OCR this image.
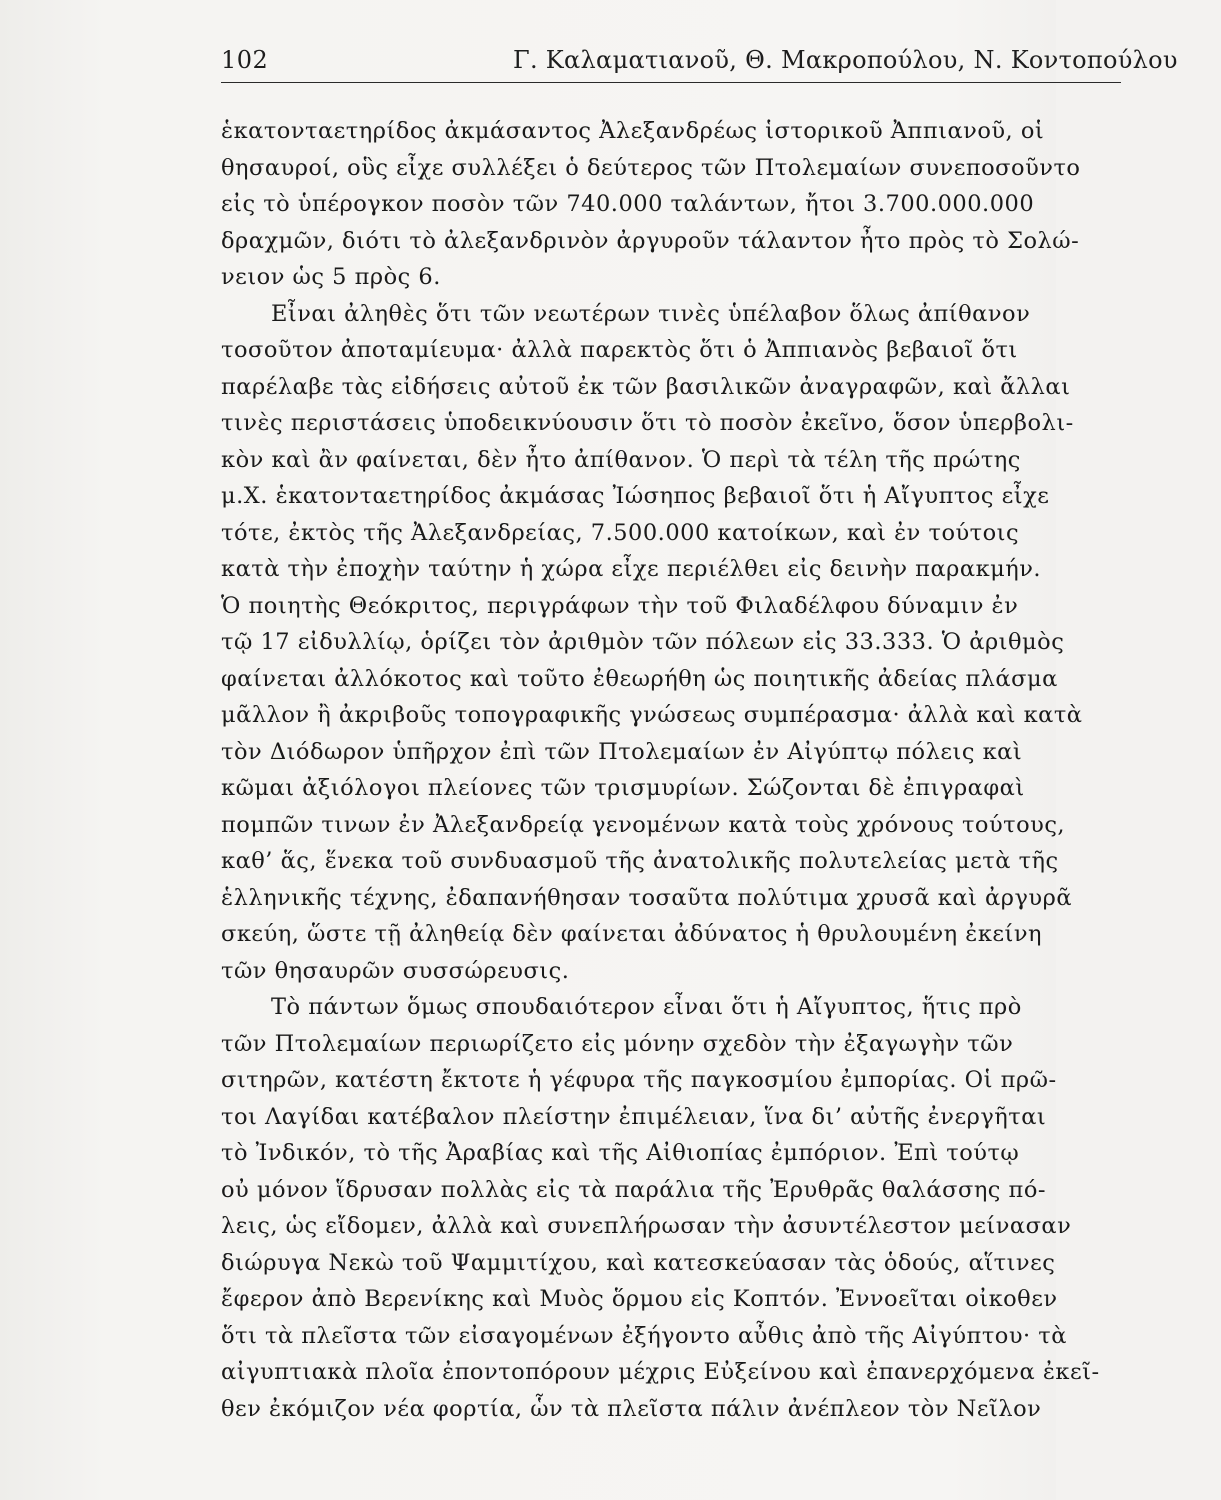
102	Γ. Καλαματιανοῦ, Θ. Μακροπούλου, Ν. Κοντοπούλου
ἑκατονταετηρίδος ἀκμάσαντος Ἀλεξανδρέως ἱστορικοῦ Ἀππιανοῦ, οἱ
θησαυροί, οὓς εἶχε συλλέξει ὁ δεύτερος τῶν Πτολεμαίων συνεποσοῦντο
εἰς τὸ ὑπέρογκον ποσὸν τῶν 740.000 ταλάντων, ἤτοι 3.700.000.000
δραχμῶν, διότι τὸ ἀλεξανδρινὸν ἀργυροῦν τάλαντον ἦτο πρὸς τὸ Σολώ-
νειον ὡς 5 πρὸς 6.
Εἶναι ἀληθὲς ὅτι τῶν νεωτέρων τινὲς ὑπέλαβον ὅλως ἀπίθανον
τοσοῦτον ἀποταμίευμα· ἀλλὰ παρεκτὸς ὅτι ὁ Ἀππιανὸς βεβαιοῖ ὅτι
παρέλαβε τὰς εἰδήσεις αὐτοῦ ἐκ τῶν βασιλικῶν ἀναγραφῶν, καὶ ἄλλαι
τινὲς περιστάσεις ὑποδεικνύουσιν ὅτι τὸ ποσὸν ἐκεῖνο, ὅσον ὑπερβολι-
κὸν καὶ ἂν φαίνεται, δὲν ἦτο ἀπίθανον. Ὁ περὶ τὰ τέλη τῆς πρώτης
μ.Χ. ἑκατονταετηρίδος ἀκμάσας Ἰώσηπος βεβαιοῖ ὅτι ἡ Αἴγυπτος εἶχε
τότε, ἐκτὸς τῆς Ἀλεξανδρείας, 7.500.000 κατοίκων, καὶ ἐν τούτοις
κατὰ τὴν ἐποχὴν ταύτην ἡ χώρα εἶχε περιέλθει εἰς δεινὴν παρακμήν.
Ὁ ποιητὴς Θεόκριτος, περιγράφων τὴν τοῦ Φιλαδέλφου δύναμιν ἐν
τῷ 17 εἰδυλλίῳ, ὁρίζει τὸν ἀριθμὸν τῶν πόλεων εἰς 33.333. Ὁ ἀριθμὸς
φαίνεται ἀλλόκοτος καὶ τοῦτο ἐθεωρήθη ὡς ποιητικῆς ἀδείας πλάσμα
μᾶλλον ἢ ἀκριβοῦς τοπογραφικῆς γνώσεως συμπέρασμα· ἀλλὰ καὶ κατὰ
τὸν Διόδωρον ὑπῆρχον ἐπὶ τῶν Πτολεμαίων ἐν Αἰγύπτῳ πόλεις καὶ
κῶμαι ἀξιόλογοι πλείονες τῶν τρισμυρίων. Σώζονται δὲ ἐπιγραφαὶ
πομπῶν τινων ἐν Ἀλεξανδρείᾳ γενομένων κατὰ τοὺς χρόνους τούτους,
καθ’ ἅς, ἕνεκα τοῦ συνδυασμοῦ τῆς ἀνατολικῆς πολυτελείας μετὰ τῆς
ἑλληνικῆς τέχνης, ἐδαπανήθησαν τοσαῦτα πολύτιμα χρυσᾶ καὶ ἀργυρᾶ
σκεύη, ὥστε τῇ ἀληθείᾳ δὲν φαίνεται ἀδύνατος ἡ θρυλουμένη ἐκείνη
τῶν θησαυρῶν συσσώρευσις.
Τὸ πάντων ὅμως σπουδαιότερον εἶναι ὅτι ἡ Αἴγυπτος, ἥτις πρὸ
τῶν Πτολεμαίων περιωρίζετο εἰς μόνην σχεδὸν τὴν ἐξαγωγὴν τῶν
σιτηρῶν, κατέστη ἔκτοτε ἡ γέφυρα τῆς παγκοσμίου ἐμπορίας. Οἱ πρῶ-
τοι Λαγίδαι κατέβαλον πλείστην ἐπιμέλειαν, ἵνα δι’ αὐτῆς ἐνεργῆται
τὸ Ἰνδικόν, τὸ τῆς Ἀραβίας καὶ τῆς Αἰθιοπίας ἐμπόριον. Ἐπὶ τούτῳ
οὐ μόνον ἵδρυσαν πολλὰς εἰς τὰ παράλια τῆς Ἐρυθρᾶς θαλάσσης πό-
λεις, ὡς εἴδομεν, ἀλλὰ καὶ συνεπλήρωσαν τὴν ἀσυντέλεστον μείνασαν
διώρυγα Νεκὼ τοῦ Ψαμμιτίχου, καὶ κατεσκεύασαν τὰς ὁδούς, αἵτινες
ἔφερον ἀπὸ Βερενίκης καὶ Μυὸς ὅρμου εἰς Κοπτόν. Ἐννοεῖται οἰκοθεν
ὅτι τὰ πλεῖστα τῶν εἰσαγομένων ἐξήγοντο αὖθις ἀπὸ τῆς Αἰγύπτου· τὰ
αἰγυπτιακὰ πλοῖα ἐποντοπόρουν μέχρις Εὐξείνου καὶ ἐπανερχόμενα ἐκεῖ-
θεν ἐκόμιζον νέα φορτία, ὧν τὰ πλεῖστα πάλιν ἀνέπλεον τὸν Νεῖλον
